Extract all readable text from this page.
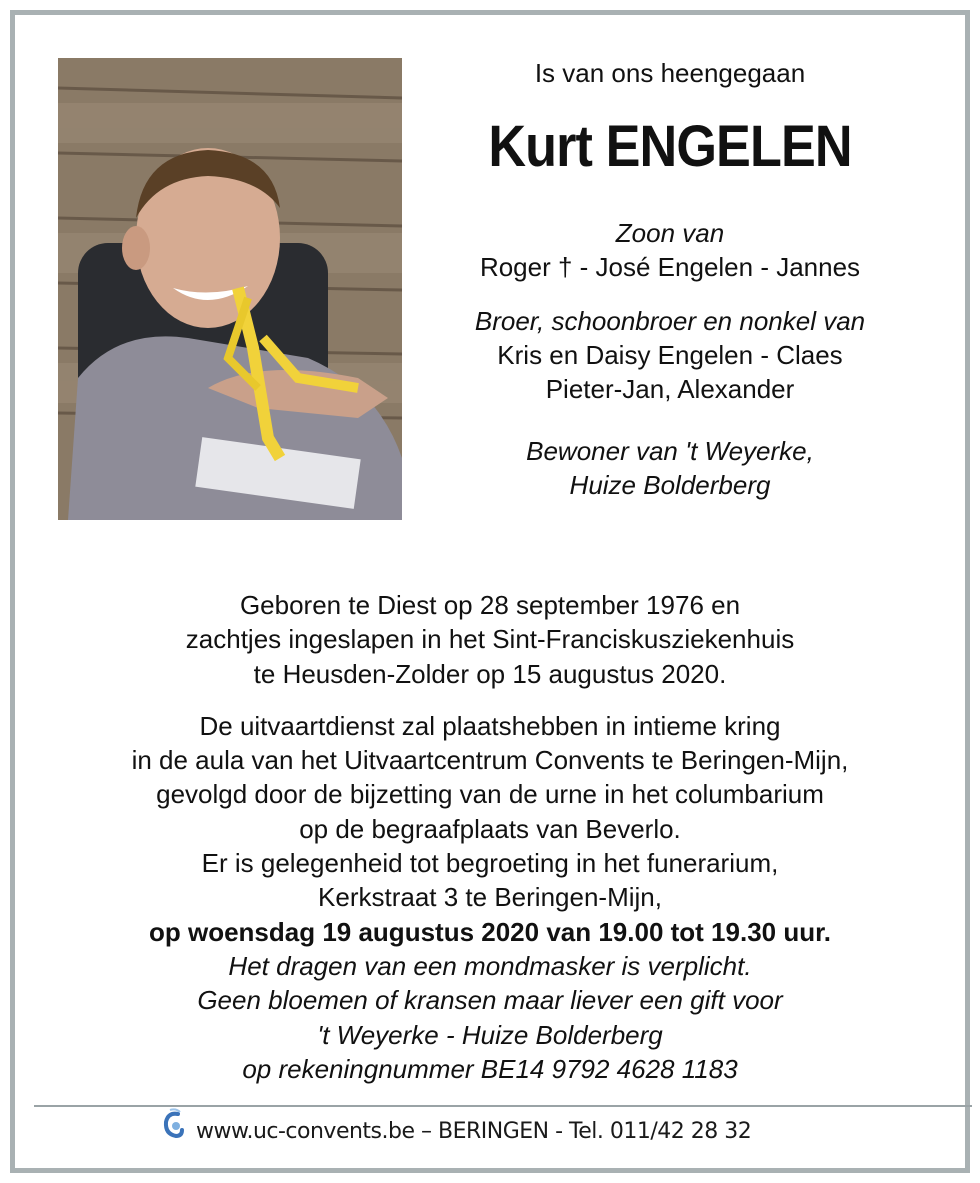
Is van ons heengegaan
Kurt ENGELEN
Zoon van
Roger † - José Engelen - Jannes
Broer, schoonbroer en nonkel van
Kris en Daisy Engelen - Claes
Pieter-Jan, Alexander
Bewoner van 't Weyerke,
Huize Bolderberg
Geboren te Diest op 28 september 1976 en
zachtjes ingeslapen in het Sint-Franciskusziekenhuis
te Heusden-Zolder op 15 augustus 2020.
De uitvaartdienst zal plaatshebben in intieme kring
in de aula van het Uitvaartcentrum Convents te Beringen-Mijn,
gevolgd door de bijzetting van de urne in het columbarium
op de begraafplaats van Beverlo.
Er is gelegenheid tot begroeting in het funerarium,
Kerkstraat 3 te Beringen-Mijn,
op woensdag 19 augustus 2020 van 19.00 tot 19.30 uur.
Het dragen van een mondmasker is verplicht.
Geen bloemen of kransen maar liever een gift voor
't Weyerke - Huize Bolderberg
op rekeningnummer BE14 9792 4628 1183
www.uc-convents.be – BERINGEN - Tel. 011/42 28 32
